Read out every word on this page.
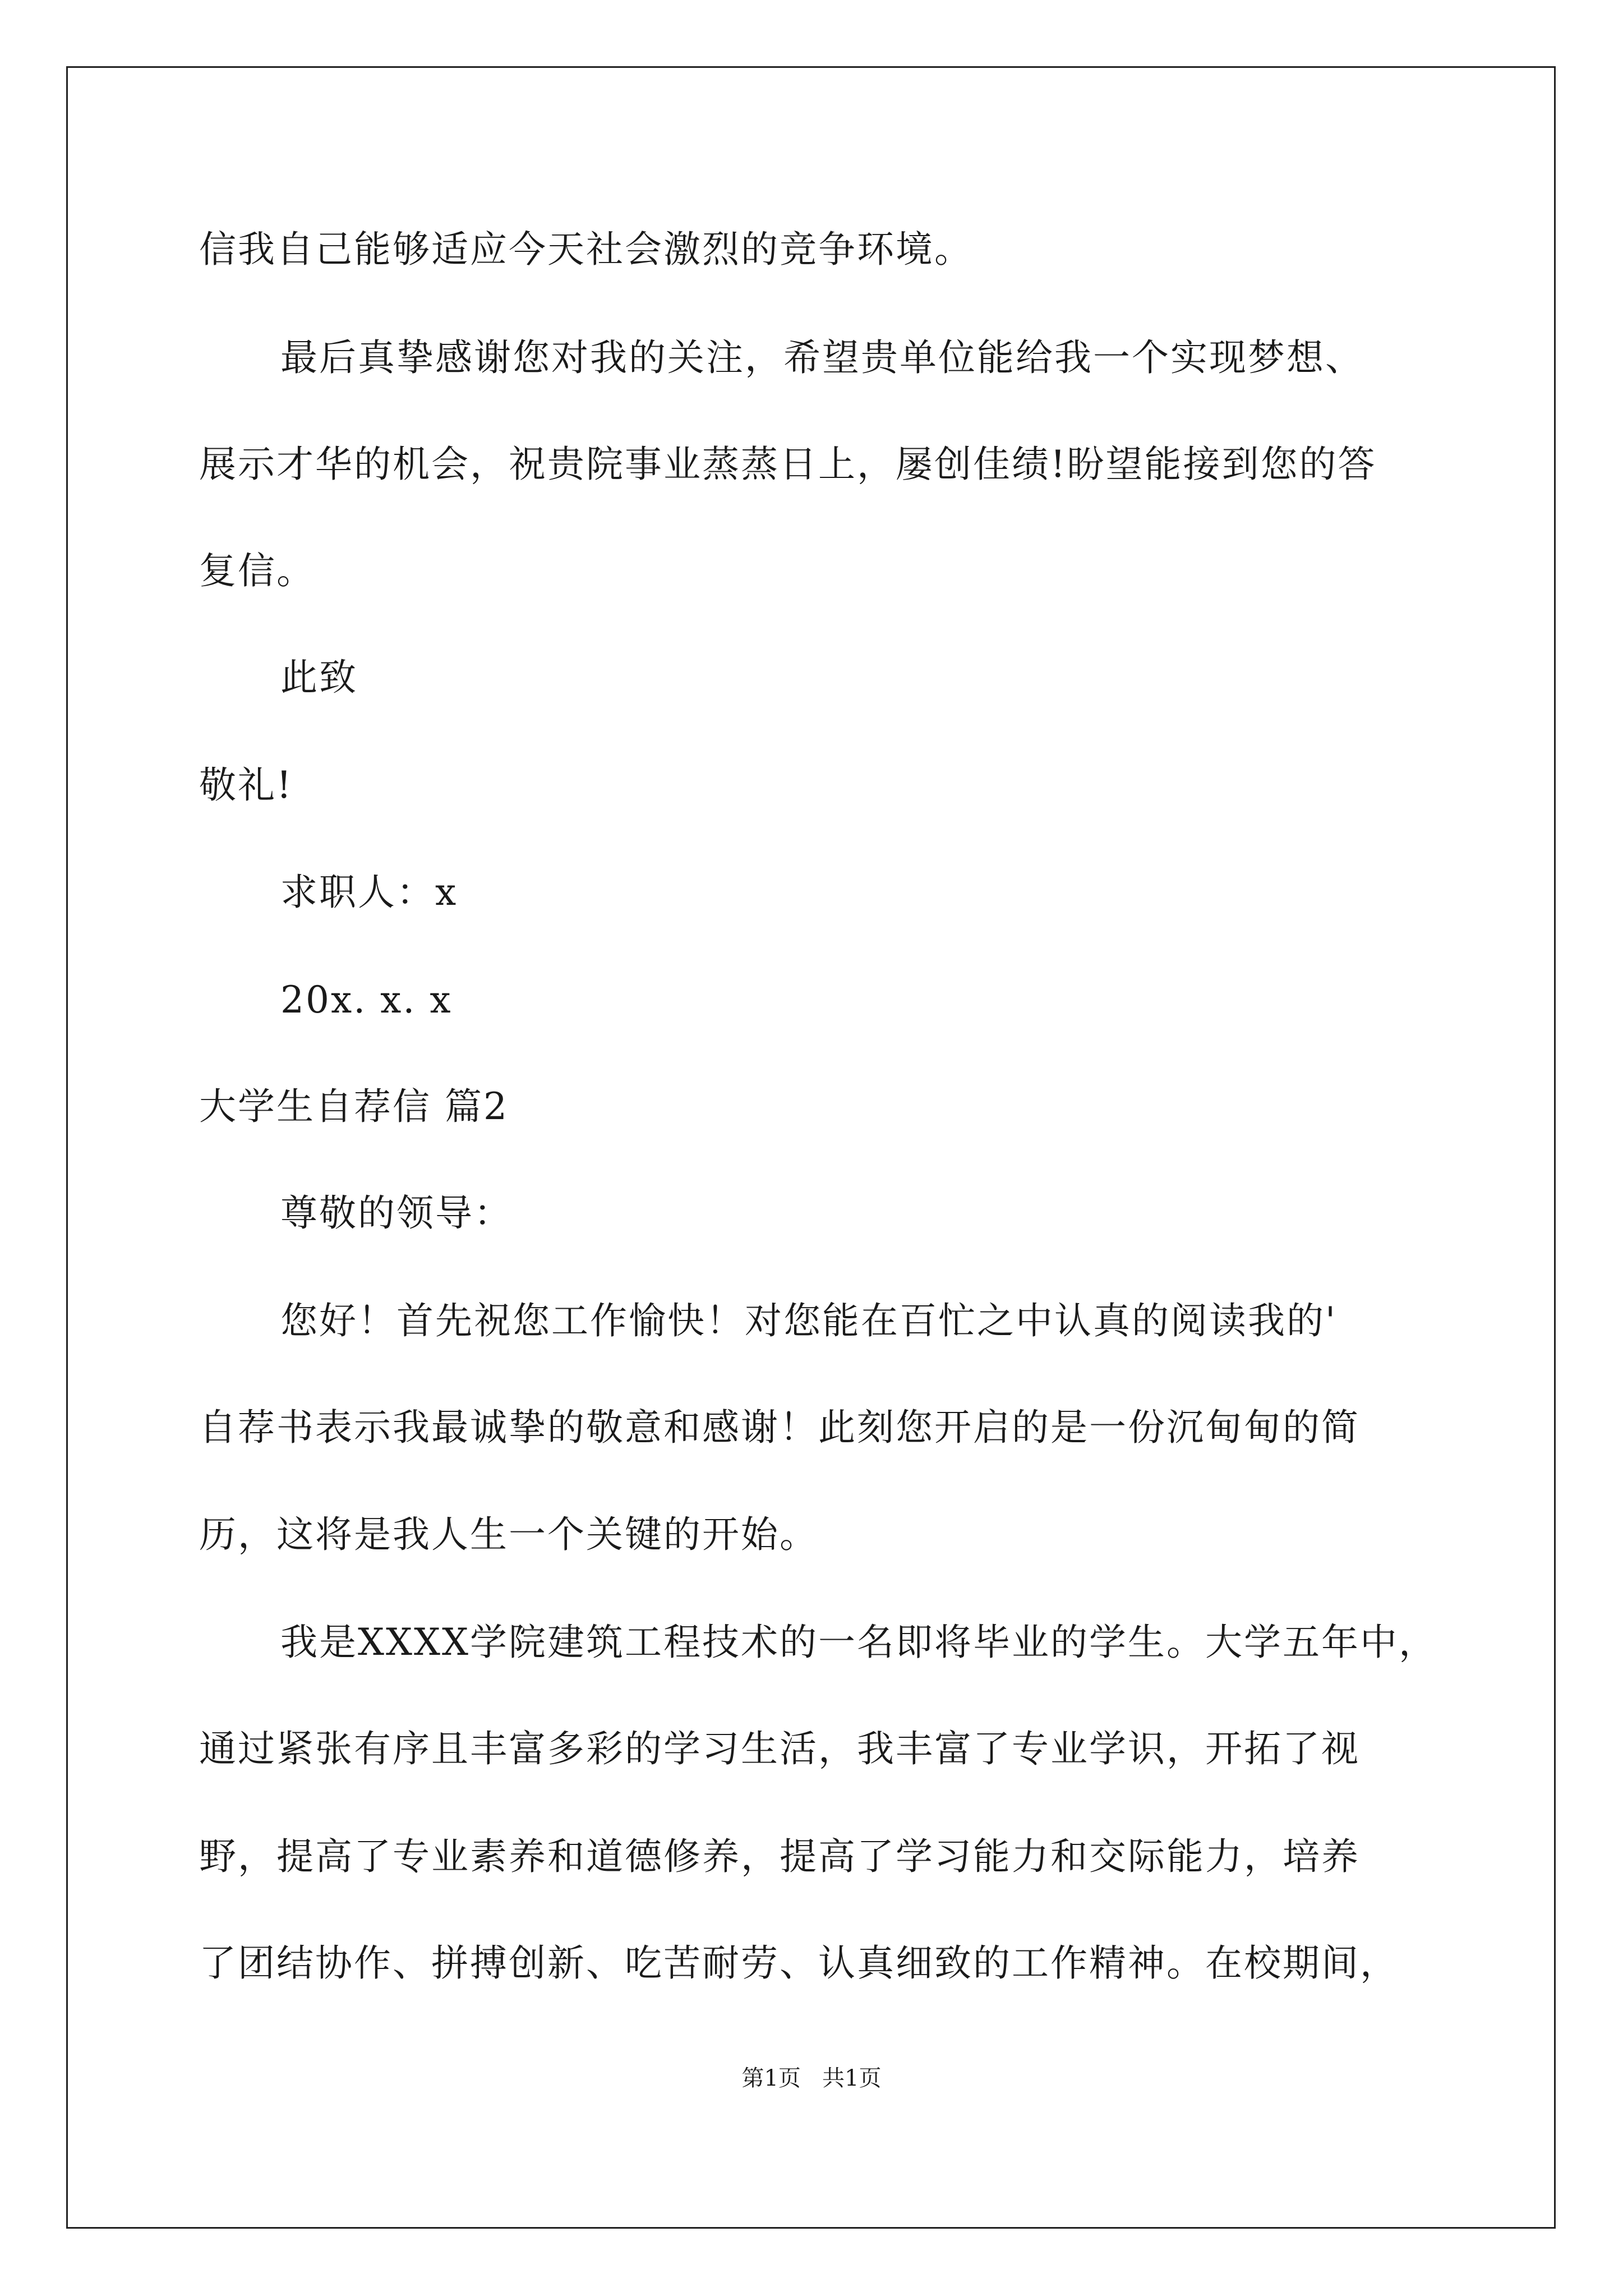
信我自己能够适应今天社会激烈的竞争环境。
最后真挚感谢您对我的关注，希望贵单位能给我一个实现梦想、
展示才华的机会，祝贵院事业蒸蒸日上，屡创佳绩!盼望能接到您的答
复信。
此致
敬礼!
求职人：x
20x. x. x
大学生自荐信 篇2
尊敬的领导：
您好！首先祝您工作愉快！对您能在百忙之中认真的阅读我的'
自荐书表示我最诚挚的敬意和感谢！此刻您开启的是一份沉甸甸的简
历，这将是我人生一个关键的开始。
我是XXXX学院建筑工程技术的一名即将毕业的学生。大学五年中，
通过紧张有序且丰富多彩的学习生活，我丰富了专业学识，开拓了视
野，提高了专业素养和道德修养，提高了学习能力和交际能力，培养
了团结协作、拼搏创新、吃苦耐劳、认真细致的工作精神。在校期间，
第1页   共1页
